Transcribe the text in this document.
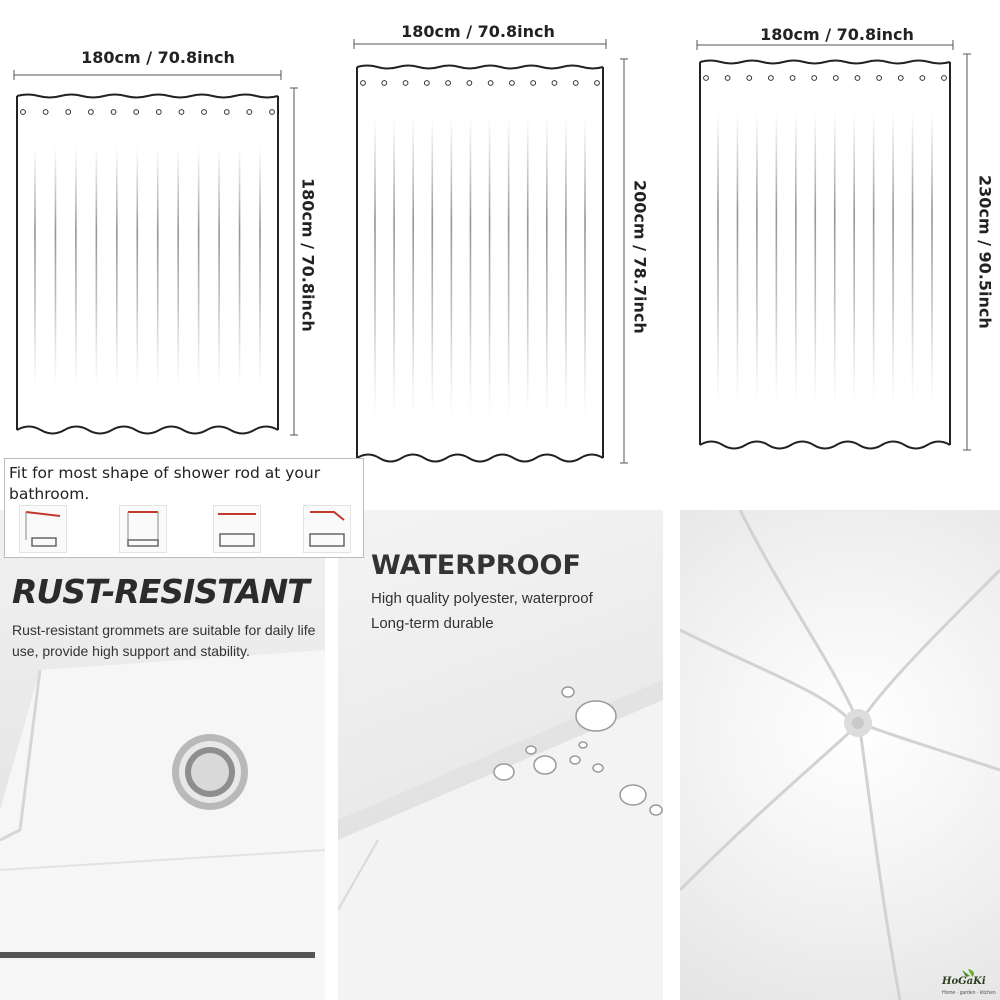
180cm / 70.8inch
180cm / 70.8inch
180cm / 70.8inch
200cm / 78.7inch
180cm / 70.8inch
230cm / 90.5inch
RUST-RESISTANT
Rust-resistant grommets are suitable for daily life use, provide high support and stability.
WATERPROOF
High quality polyester, waterproof
Long-term durable
Fit for most shape of shower rod at your bathroom.
HoGaKi
Home · garden · kitchen
